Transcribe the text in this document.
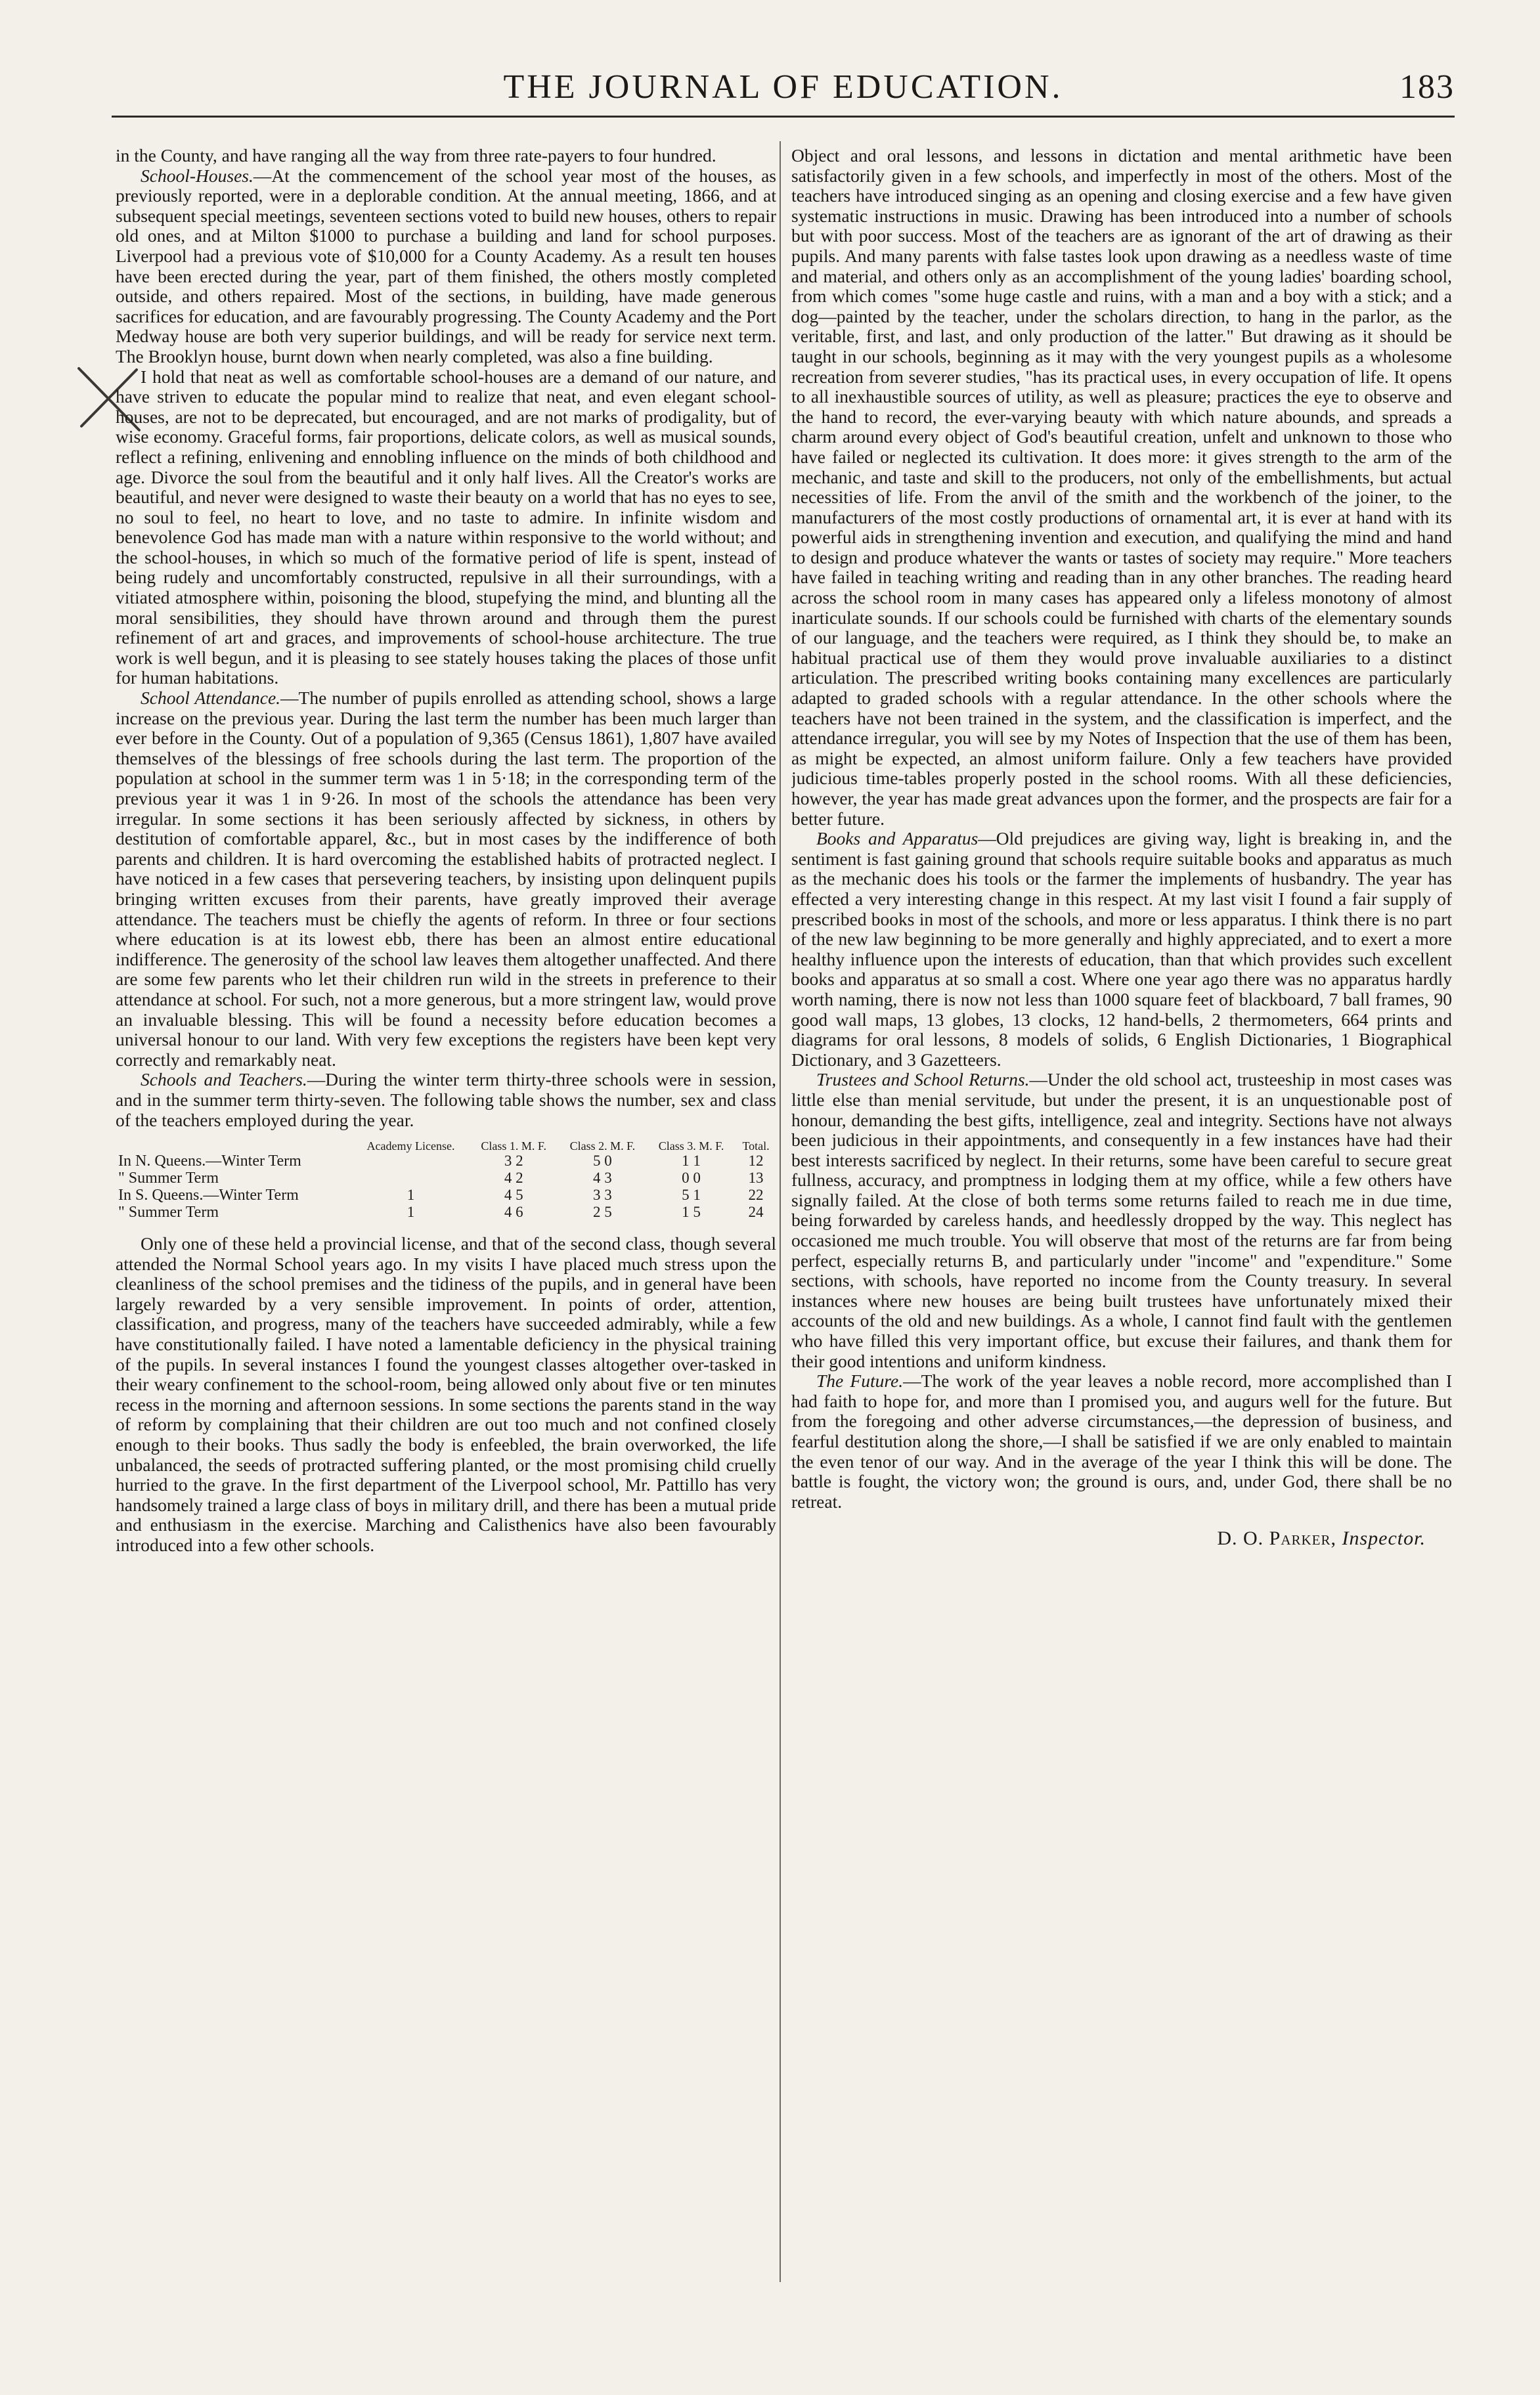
THE JOURNAL OF EDUCATION.	183

in the County, and have ranging all the way from three rate-payers to four hundred.

School-Houses.—At the commencement of the school year most of the houses, as previously reported, were in a deplorable condition. At the annual meeting, 1866, and at subsequent special meetings, seventeen sections voted to build new houses, others to repair old ones, and at Milton $1000 to purchase a building and land for school purposes. Liverpool had a previous vote of $10,000 for a County Academy. As a result ten houses have been erected during the year, part of them finished, the others mostly completed outside, and others repaired. Most of the sections, in building, have made generous sacrifices for education, and are favourably progressing. The County Academy and the Port Medway house are both very superior buildings, and will be ready for service next term. The Brooklyn house, burnt down when nearly completed, was also a fine building.

I hold that neat as well as comfortable school-houses are a demand of our nature, and have striven to educate the popular mind to realize that neat, and even elegant school-houses, are not to be deprecated, but encouraged, and are not marks of prodigality, but of wise economy. Graceful forms, fair proportions, delicate colors, as well as musical sounds, reflect a refining, enlivening and ennobling influence on the minds of both childhood and age. Divorce the soul from the beautiful and it only half lives. All the Creator's works are beautiful, and never were designed to waste their beauty on a world that has no eyes to see, no soul to feel, no heart to love, and no taste to admire. In infinite wisdom and benevolence God has made man with a nature within responsive to the world without; and the school-houses, in which so much of the formative period of life is spent, instead of being rudely and uncomfortably constructed, repulsive in all their surroundings, with a vitiated atmosphere within, poisoning the blood, stupefying the mind, and blunting all the moral sensibilities, they should have thrown around and through them the purest refinement of art and graces, and improvements of school-house architecture. The true work is well begun, and it is pleasing to see stately houses taking the places of those unfit for human habitations.

School Attendance.—The number of pupils enrolled as attending school, shows a large increase on the previous year. During the last term the number has been much larger than ever before in the County. Out of a population of 9,365 (Census 1861), 1,807 have availed themselves of the blessings of free schools during the last term. The proportion of the population at school in the summer term was 1 in 5·18; in the corresponding term of the previous year it was 1 in 9·26. In most of the schools the attendance has been very irregular. In some sections it has been seriously affected by sickness, in others by destitution of comfortable apparel, &c., but in most cases by the indifference of both parents and children. It is hard overcoming the established habits of protracted neglect. I have noticed in a few cases that persevering teachers, by insisting upon delinquent pupils bringing written excuses from their parents, have greatly improved their average attendance. The teachers must be chiefly the agents of reform. In three or four sections where education is at its lowest ebb, there has been an almost entire educational indifference. The generosity of the school law leaves them altogether unaffected. And there are some few parents who let their children run wild in the streets in preference to their attendance at school. For such, not a more generous, but a more stringent law, would prove an invaluable blessing. This will be found a necessity before education becomes a universal honour to our land. With very few exceptions the registers have been kept very correctly and remarkably neat.

Schools and Teachers.—During the winter term thirty-three schools were in session, and in the summer term thirty-seven. The following table shows the number, sex and class of the teachers employed during the year.

	Academy License.	Class 1. M. F.	Class 2. M. F.	Class 3. M. F.	Total.
In N. Queens.—Winter Term		3 2	5 0	1 1	12
" Summer Term		4 2	4 3	0 0	13
In S. Queens.—Winter Term	1	4 5	3 3	5 1	22
" Summer Term	1	4 6	2 5	1 5	24

Only one of these held a provincial license, and that of the second class, though several attended the Normal School years ago. In my visits I have placed much stress upon the cleanliness of the school premises and the tidiness of the pupils, and in general have been largely rewarded by a very sensible improvement. In points of order, attention, classification, and progress, many of the teachers have succeeded admirably, while a few have constitutionally failed. I have noted a lamentable deficiency in the physical training of the pupils. In several instances I found the youngest classes altogether over-tasked in their weary confinement to the school-room, being allowed only about five or ten minutes recess in the morning and afternoon sessions. In some sections the parents stand in the way of reform by complaining that their children are out too much and not confined closely enough to their books. Thus sadly the body is enfeebled, the brain overworked, the life unbalanced, the seeds of protracted suffering planted, or the most promising child cruelly hurried to the grave. In the first department of the Liverpool school, Mr. Pattillo has very handsomely trained a large class of boys in military drill, and there has been a mutual pride and enthusiasm in the exercise. Marching and Calisthenics have also been favourably introduced into a few other schools.

Object and oral lessons, and lessons in dictation and mental arithmetic have been satisfactorily given in a few schools, and imperfectly in most of the others. Most of the teachers have introduced singing as an opening and closing exercise and a few have given systematic instructions in music. Drawing has been introduced into a number of schools but with poor success. Most of the teachers are as ignorant of the art of drawing as their pupils. And many parents with false tastes look upon drawing as a needless waste of time and material, and others only as an accomplishment of the young ladies' boarding school, from which comes "some huge castle and ruins, with a man and a boy with a stick; and a dog—painted by the teacher, under the scholars direction, to hang in the parlor, as the veritable, first, and last, and only production of the latter." But drawing as it should be taught in our schools, beginning as it may with the very youngest pupils as a wholesome recreation from severer studies, "has its practical uses, in every occupation of life. It opens to all inexhaustible sources of utility, as well as pleasure; practices the eye to observe and the hand to record, the ever-varying beauty with which nature abounds, and spreads a charm around every object of God's beautiful creation, unfelt and unknown to those who have failed or neglected its cultivation. It does more: it gives strength to the arm of the mechanic, and taste and skill to the producers, not only of the embellishments, but actual necessities of life. From the anvil of the smith and the workbench of the joiner, to the manufacturers of the most costly productions of ornamental art, it is ever at hand with its powerful aids in strengthening invention and execution, and qualifying the mind and hand to design and produce whatever the wants or tastes of society may require." More teachers have failed in teaching writing and reading than in any other branches. The reading heard across the school room in many cases has appeared only a lifeless monotony of almost inarticulate sounds. If our schools could be furnished with charts of the elementary sounds of our language, and the teachers were required, as I think they should be, to make an habitual practical use of them they would prove invaluable auxiliaries to a distinct articulation. The prescribed writing books containing many excellences are particularly adapted to graded schools with a regular attendance. In the other schools where the teachers have not been trained in the system, and the classification is imperfect, and the attendance irregular, you will see by my Notes of Inspection that the use of them has been, as might be expected, an almost uniform failure. Only a few teachers have provided judicious time-tables properly posted in the school rooms. With all these deficiencies, however, the year has made great advances upon the former, and the prospects are fair for a better future.

Books and Apparatus—Old prejudices are giving way, light is breaking in, and the sentiment is fast gaining ground that schools require suitable books and apparatus as much as the mechanic does his tools or the farmer the implements of husbandry. The year has effected a very interesting change in this respect. At my last visit I found a fair supply of prescribed books in most of the schools, and more or less apparatus. I think there is no part of the new law beginning to be more generally and highly appreciated, and to exert a more healthy influence upon the interests of education, than that which provides such excellent books and apparatus at so small a cost. Where one year ago there was no apparatus hardly worth naming, there is now not less than 1000 square feet of blackboard, 7 ball frames, 90 good wall maps, 13 globes, 13 clocks, 12 hand-bells, 2 thermometers, 664 prints and diagrams for oral lessons, 8 models of solids, 6 English Dictionaries, 1 Biographical Dictionary, and 3 Gazetteers.

Trustees and School Returns.—Under the old school act, trusteeship in most cases was little else than menial servitude, but under the present, it is an unquestionable post of honour, demanding the best gifts, intelligence, zeal and integrity. Sections have not always been judicious in their appointments, and consequently in a few instances have had their best interests sacrificed by neglect. In their returns, some have been careful to secure great fullness, accuracy, and promptness in lodging them at my office, while a few others have signally failed. At the close of both terms some returns failed to reach me in due time, being forwarded by careless hands, and heedlessly dropped by the way. This neglect has occasioned me much trouble. You will observe that most of the returns are far from being perfect, especially returns B, and particularly under "income" and "expenditure." Some sections, with schools, have reported no income from the County treasury. In several instances where new houses are being built trustees have unfortunately mixed their accounts of the old and new buildings. As a whole, I cannot find fault with the gentlemen who have filled this very important office, but excuse their failures, and thank them for their good intentions and uniform kindness.

The Future.—The work of the year leaves a noble record, more accomplished than I had faith to hope for, and more than I promised you, and augurs well for the future. But from the foregoing and other adverse circumstances,—the depression of business, and fearful destitution along the shore,—I shall be satisfied if we are only enabled to maintain the even tenor of our way. And in the average of the year I think this will be done. The battle is fought, the victory won; the ground is ours, and, under God, there shall be no retreat.

D. O. Parker, Inspector.
